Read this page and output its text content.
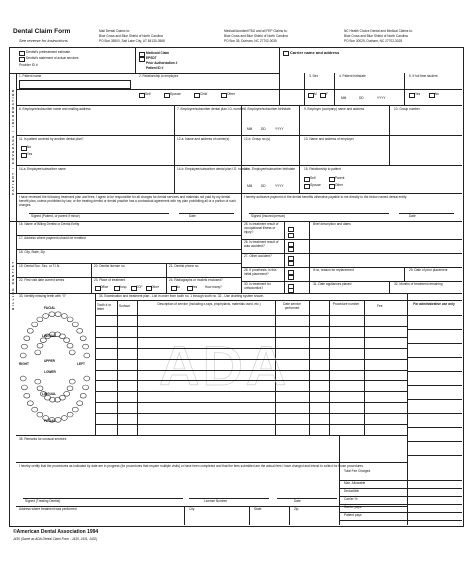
Dental Claim Form
See reverse for instructions
Mail Dental Claims to:
Blue Cross and Blue Shield of North Carolina
PO Box 35500, Salt Lake City, UT 84130-0568
Medical/Accident/TMJ and all FEP Claims to:
Blue Cross and Blue Shield of North Carolina
PO Box 35, Durham, NC 27702-0035
NC Health Choice Dental and Medical Claims to:
Blue Cross and Blue Shield of North Carolina
PO Box 30025, Durham, NC 27702-3025
Dentist's pretreatment estimate
Dentist's statement of actual services
Provider ID #
Medicaid Claim
EPSDT
Prior Authorization #
Patient ID #
Carrier name and address
PATIENT / COVERAGE / INFORMATION
BILLING DENTIST
1. Patient name	2. Relationship to employee	3. Sex	4. Patient birthdate	5. If full time student
Self	Spouse	Child	Other	M	F
MM	DD	YYYY
Yes	No
6. Employee/subscriber name and mailing address	7. Employee/subscriber dental plan I.D. number 8. Employee/subscriber birthdate	9. Employer (company) name and address	10. Group number
MM	DD	YYYY
11. Is patient covered by another dental plan?	12-a. Name and address of carrier(s)	12-b. Group no.(s)	13. Name and address of employer
No
Yes
14-a. Employee/subscriber name	14-b. Employee/subscriber dental plan I.D. number
14-c. Employee/subscriber birthdate	15. Relationship to patient
MM	DD	YYYY
Self	Parent
Spouse	Other
I have reviewed the following treatment plan and fees. I agree to be responsible for all charges for dental services and materials not paid by my dental benefit plan, unless prohibited by law, or the treating dentist or dental practice has a contractual agreement with my plan prohibiting all or a portion of such charges.
I hereby authorize payment of the dental benefits otherwise payable to me directly to the below named dental entity.
Signed (Patient, or parent if minor)	Date	Signed (Insured person)	Date
16. Name of Billing Dentist or Dental Entity
17. Address where payment should be remitted
18. City, State, Zip
19. Dental Soc. Sec. or T.I.N.	20. Dentist license no.	21. Dentist phone no.
22. First visit date current series	23. Place of treatment	24. Radiographs or models enclosed?
Office	Hosp.	ECF	Other	No	Yes How many?
25. Is treatment result of occupational illness or injury?
26. Is treatment result of auto accident?
27. Other accident?
28. If prosthesis, is this initial placement?
30. Is treatment for orthodontics?
Brief description and dates
If no, reason for replacement	29. Date of prior placement
31. Date appliances placed	32. Months of treatment remaining
33. Identify missing teeth with "X"	34. Examination and treatment plan - List in order from tooth no. 1 through tooth no. 32 - Use charting system shown.
Tooth # or letter
Surface	Description of service (Including x-rays, prophylaxis, materials used, etc.)	Date service performed
Procedure number	Fee	For administrative use only
FACIAL
LINGUAL
RIGHT
UPPER
LOWER
LEFT
LINGUAL
FACIAL
ADA
35. Remarks for unusual services
I hereby certify that the procedures as indicated by date are in progress (for procedures that require multiple visits) or have been completed and that the fees submitted are the actual fees I have charged and intend to collect for those procedures.
Signed (Treating Dentist)	License Number	Date
Address where treatment was performed	City	State	Zip
Total Fee Charged
Max. Allowable
Deductible
Carrier %
Carrier pays
Patient pays
©American Dental Association 1994
J430 (Same as ADA Dental Claim Form - J430, J431, J432)
